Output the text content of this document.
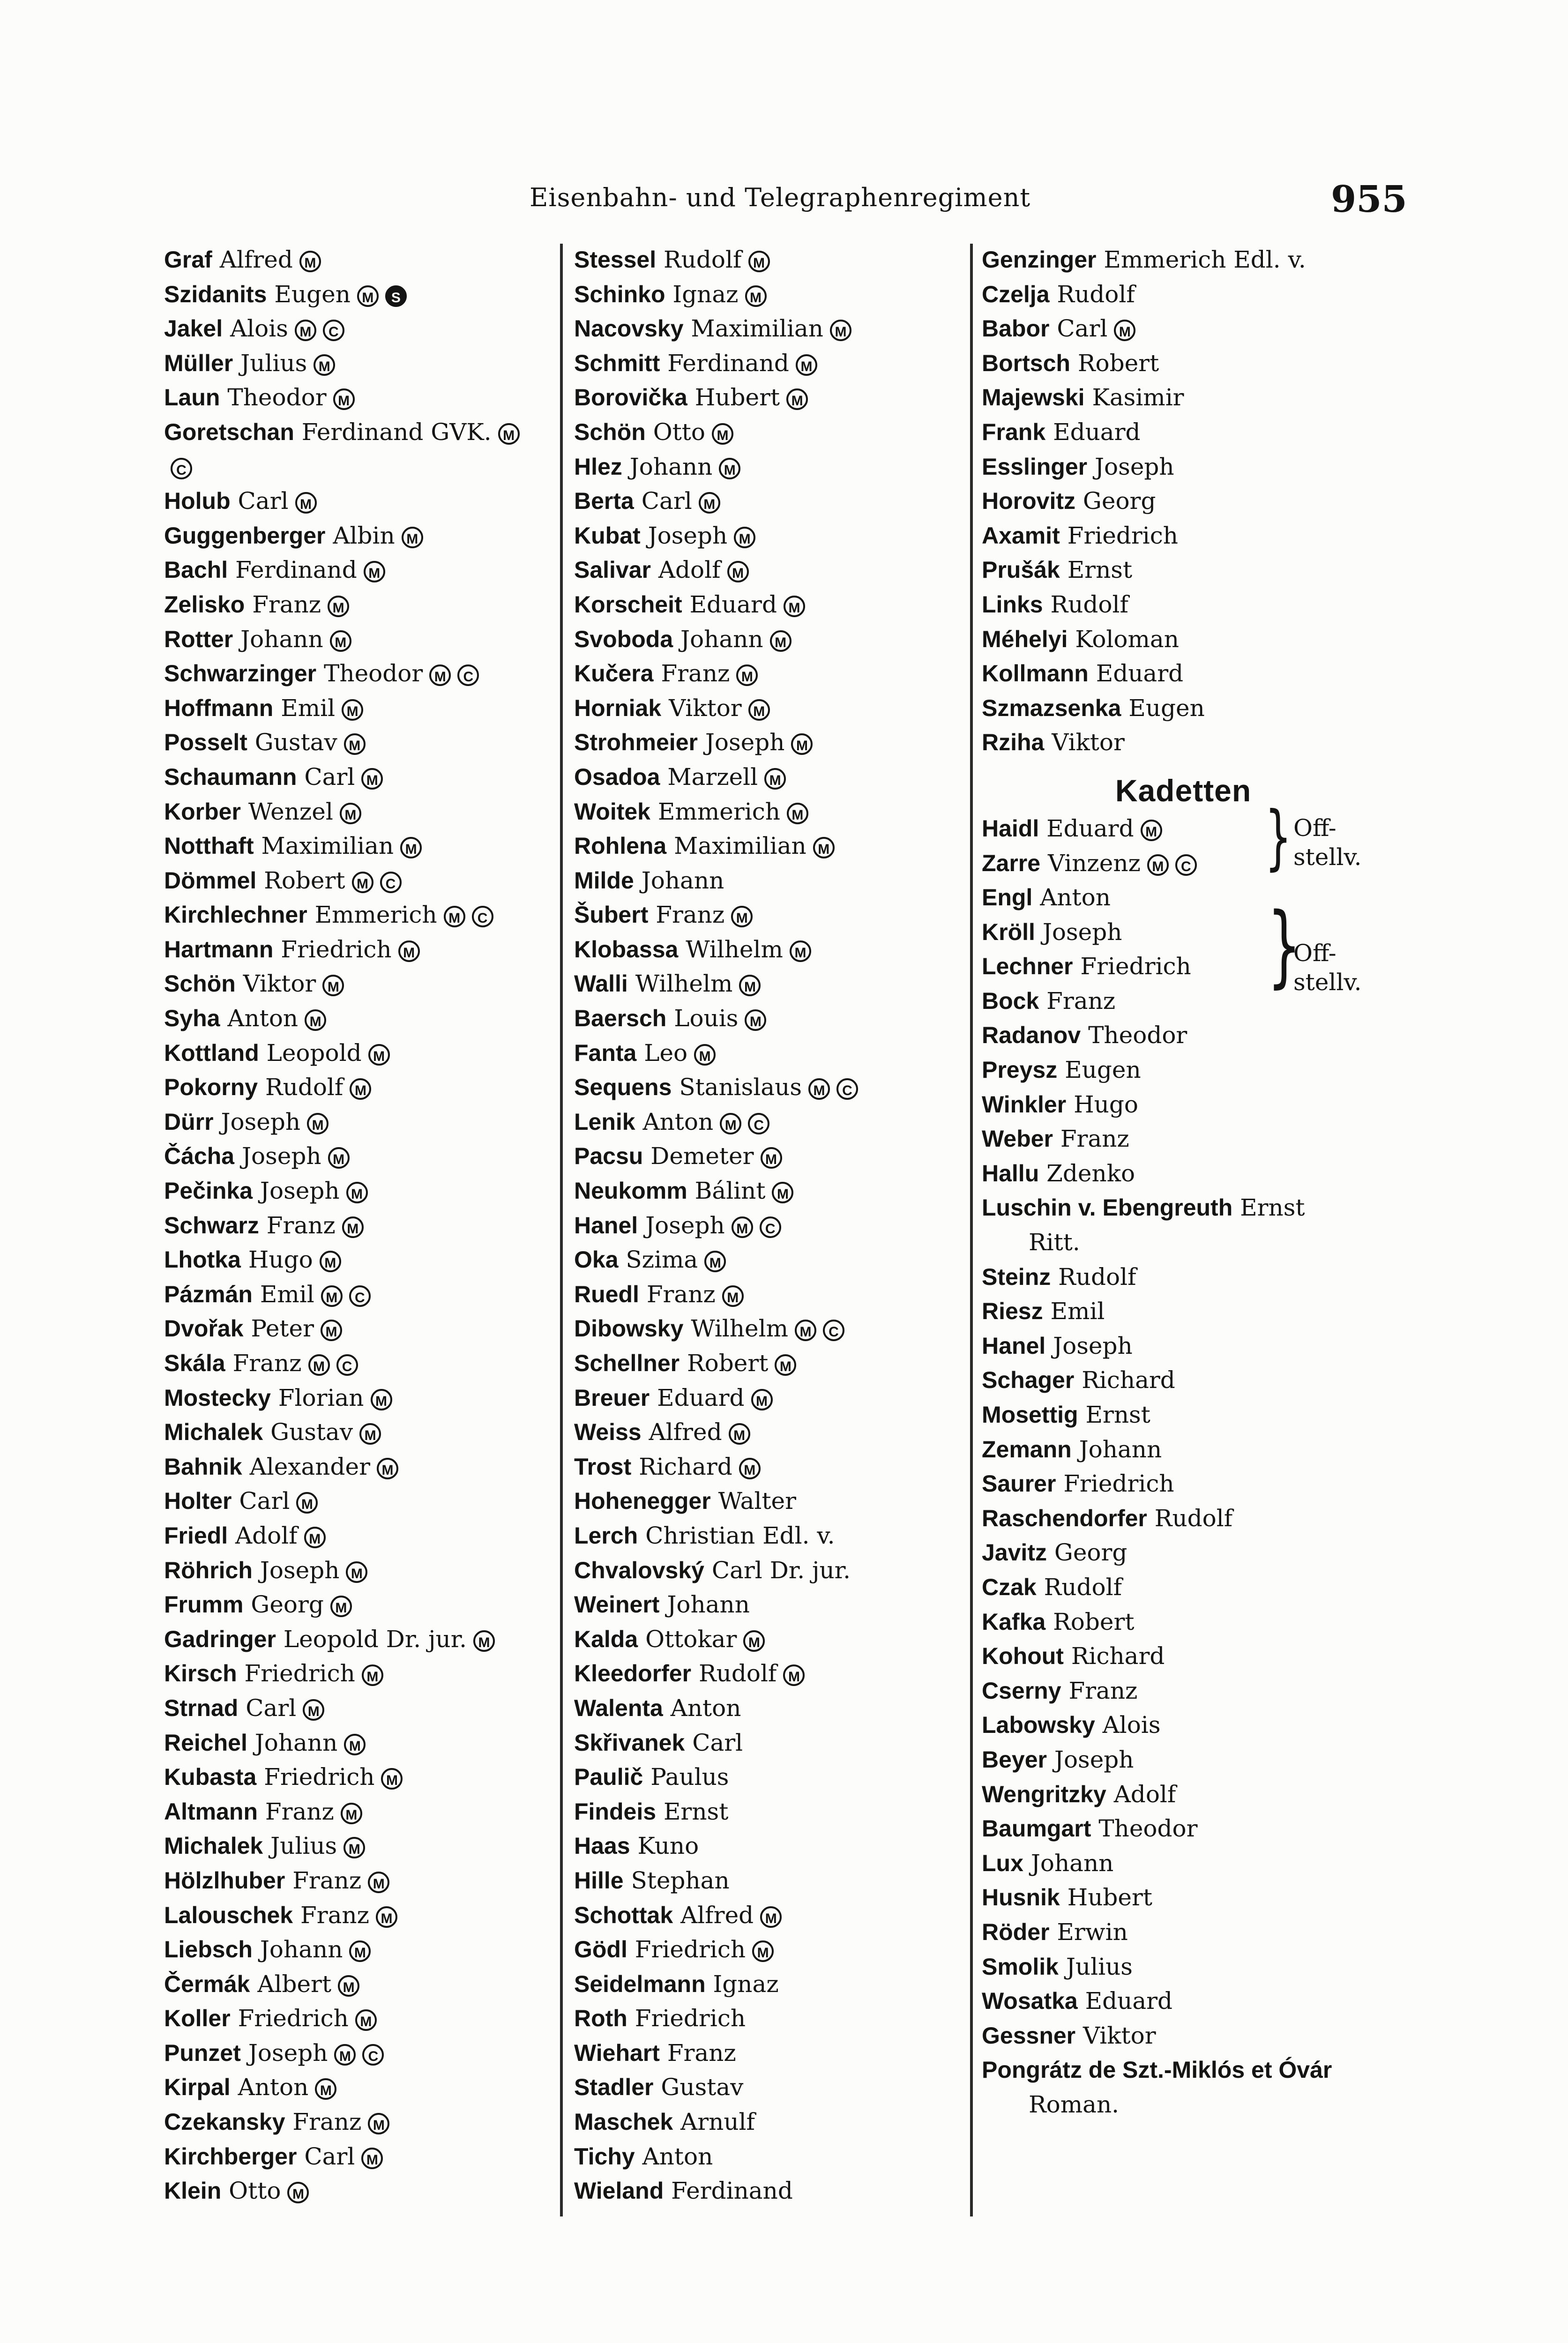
Eisenbahn- und Telegraphenregiment	955
Graf Alfred M
Szidanits Eugen M S
Jakel Alois M C
Müller Julius M
Laun Theodor M
Goretschan Ferdinand GVK. M
C
Holub Carl M
Guggenberger Albin M
Bachl Ferdinand M
Zelisko Franz M
Rotter Johann M
Schwarzinger Theodor M C
Hoffmann Emil M
Posselt Gustav M
Schaumann Carl M
Korber Wenzel M
Notthaft Maximilian M
Dömmel Robert M C
Kirchlechner Emmerich M C
Hartmann Friedrich M
Schön Viktor M
Syha Anton M
Kottland Leopold M
Pokorny Rudolf M
Dürr Joseph M
Čácha Joseph M
Pečinka Joseph M
Schwarz Franz M
Lhotka Hugo M
Pázmán Emil M C
Dvořak Peter M
Skála Franz M C
Mostecky Florian M
Michalek Gustav M
Bahnik Alexander M
Holter Carl M
Friedl Adolf M
Röhrich Joseph M
Frumm Georg M
Gadringer Leopold Dr. jur. M
Kirsch Friedrich M
Strnad Carl M
Reichel Johann M
Kubasta Friedrich M
Altmann Franz M
Michalek Julius M
Hölzlhuber Franz M
Lalouschek Franz M
Liebsch Johann M
Čermák Albert M
Koller Friedrich M
Punzet Joseph M C
Kirpal Anton M
Czekansky Franz M
Kirchberger Carl M
Klein Otto M
Stessel Rudolf M
Schinko Ignaz M
Nacovsky Maximilian M
Schmitt Ferdinand M
Borovička Hubert M
Schön Otto M
Hlez Johann M
Berta Carl M
Kubat Joseph M
Salivar Adolf M
Korscheit Eduard M
Svoboda Johann M
Kučera Franz M
Horniak Viktor M
Strohmeier Joseph M
Osadoa Marzell M
Woitek Emmerich M
Rohlena Maximilian M
Milde Johann
Šubert Franz M
Klobassa Wilhelm M
Walli Wilhelm M
Baersch Louis M
Fanta Leo M
Sequens Stanislaus M C
Lenik Anton M C
Pacsu Demeter M
Neukomm Bálint M
Hanel Joseph M C
Oka Szima M
Ruedl Franz M
Dibowsky Wilhelm M C
Schellner Robert M
Breuer Eduard M
Weiss Alfred M
Trost Richard M
Hohenegger Walter
Lerch Christian Edl. v.
Chvalovský Carl Dr. jur.
Weinert Johann
Kalda Ottokar M
Kleedorfer Rudolf M
Walenta Anton
Skřivanek Carl
Paulič Paulus
Findeis Ernst
Haas Kuno
Hille Stephan
Schottak Alfred M
Gödl Friedrich M
Seidelmann Ignaz
Roth Friedrich
Wiehart Franz
Stadler Gustav
Maschek Arnulf
Tichy Anton
Wieland Ferdinand
Genzinger Emmerich Edl. v.
Czelja Rudolf
Babor Carl M
Bortsch Robert
Majewski Kasimir
Frank Eduard
Esslinger Joseph
Horovitz Georg
Axamit Friedrich
Prušák Ernst
Links Rudolf
Méhelyi Koloman
Kollmann Eduard
Szmazsenka Eugen
Rziha Viktor
Kadetten
Haidl Eduard M
Zarre Vinzenz M C	} Off-
stellv.
Engl Anton
Kröll Joseph
Lechner Friedrich
Bock Franz
}
Off-
stellv.
Radanov Theodor
Preysz Eugen
Winkler Hugo
Weber Franz
Hallu Zdenko
Luschin v. Ebengreuth Ernst
Ritt.
Steinz Rudolf
Riesz Emil
Hanel Joseph
Schager Richard
Mosettig Ernst
Zemann Johann
Saurer Friedrich
Raschendorfer Rudolf
Javitz Georg
Czak Rudolf
Kafka Robert
Kohout Richard
Cserny Franz
Labowsky Alois
Beyer Joseph
Wengritzky Adolf
Baumgart Theodor
Lux Johann
Husnik Hubert
Röder Erwin
Smolik Julius
Wosatka Eduard
Gessner Viktor
Pongrátz de Szt.-Miklós et Óvár
Roman.
